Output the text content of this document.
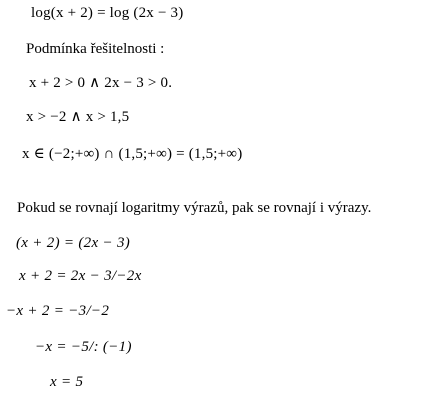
log(x + 2) = log (2x − 3)
Podmínka řešitelnosti :
x + 2 > 0 ∧ 2x − 3 > 0.
x > −2 ∧ x > 1,5
x ∈ (−2;+∞) ∩ (1,5;+∞) = (1,5;+∞)
Pokud se rovnají logaritmy výrazů, pak se rovnají i výrazy.
(x + 2) = (2x − 3)
x + 2 = 2x − 3/−2x
−x + 2 = −3/−2
−x = −5/: (−1)
x = 5
